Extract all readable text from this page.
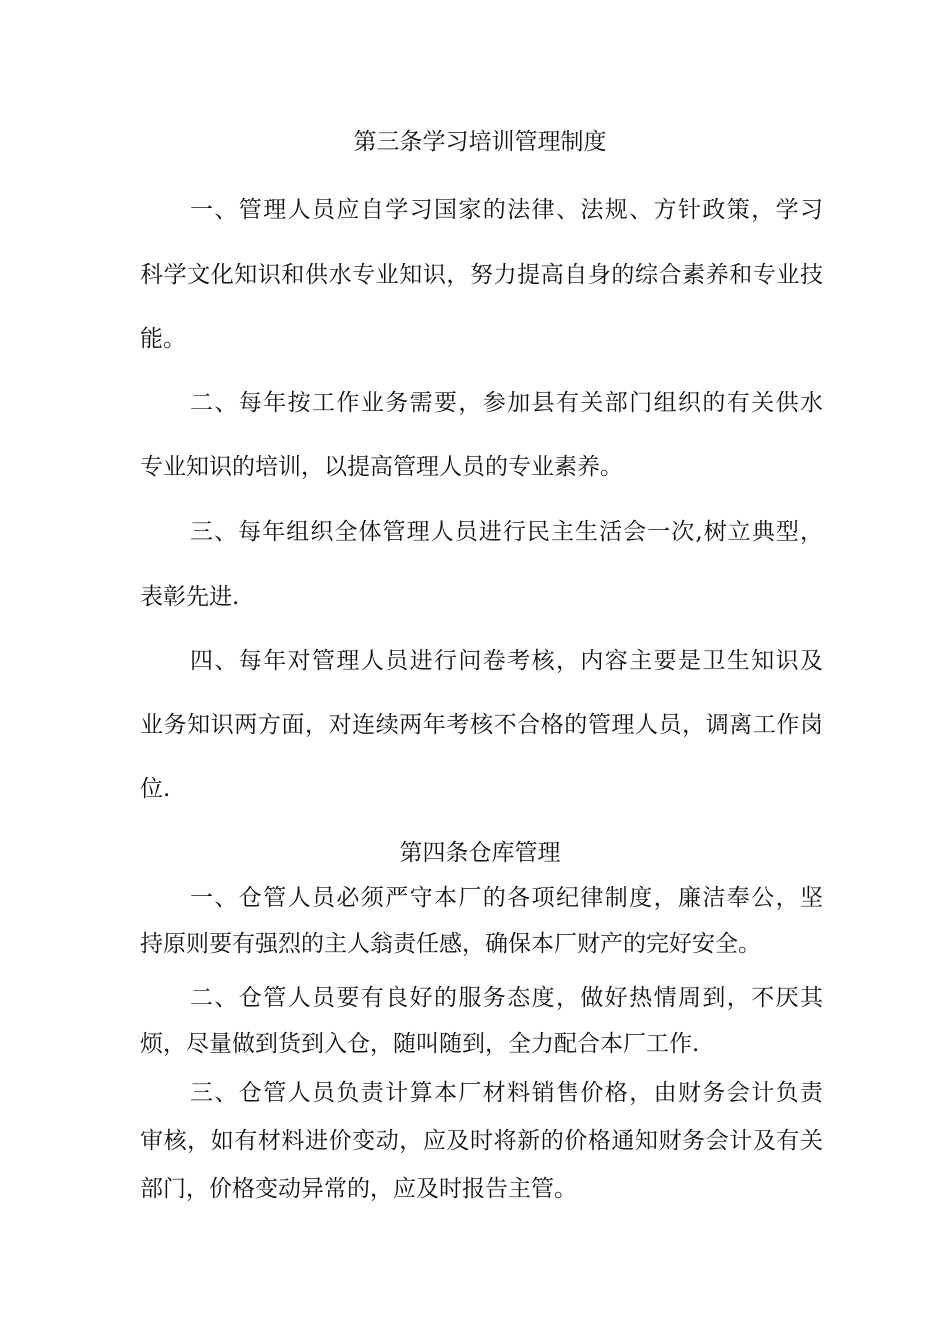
第三条学习培训管理制度
一、管理人员应自学习国家的法律、法规、方针政策，学习
科学文化知识和供水专业知识，努力提高自身的综合素养和专业技
能。
二、每年按工作业务需要，参加县有关部门组织的有关供水
专业知识的培训，以提高管理人员的专业素养。
三、每年组织全体管理人员进行民主生活会一次,树立典型，
表彰先进.
四、每年对管理人员进行问卷考核，内容主要是卫生知识及
业务知识两方面，对连续两年考核不合格的管理人员，调离工作岗
位.
第四条仓库管理
一、仓管人员必须严守本厂的各项纪律制度，廉洁奉公，坚
持原则要有强烈的主人翁责任感，确保本厂财产的完好安全。
二、仓管人员要有良好的服务态度，做好热情周到，不厌其
烦，尽量做到货到入仓，随叫随到，全力配合本厂工作.
三、仓管人员负责计算本厂材料销售价格，由财务会计负责
审核，如有材料进价变动，应及时将新的价格通知财务会计及有关
部门，价格变动异常的，应及时报告主管。
